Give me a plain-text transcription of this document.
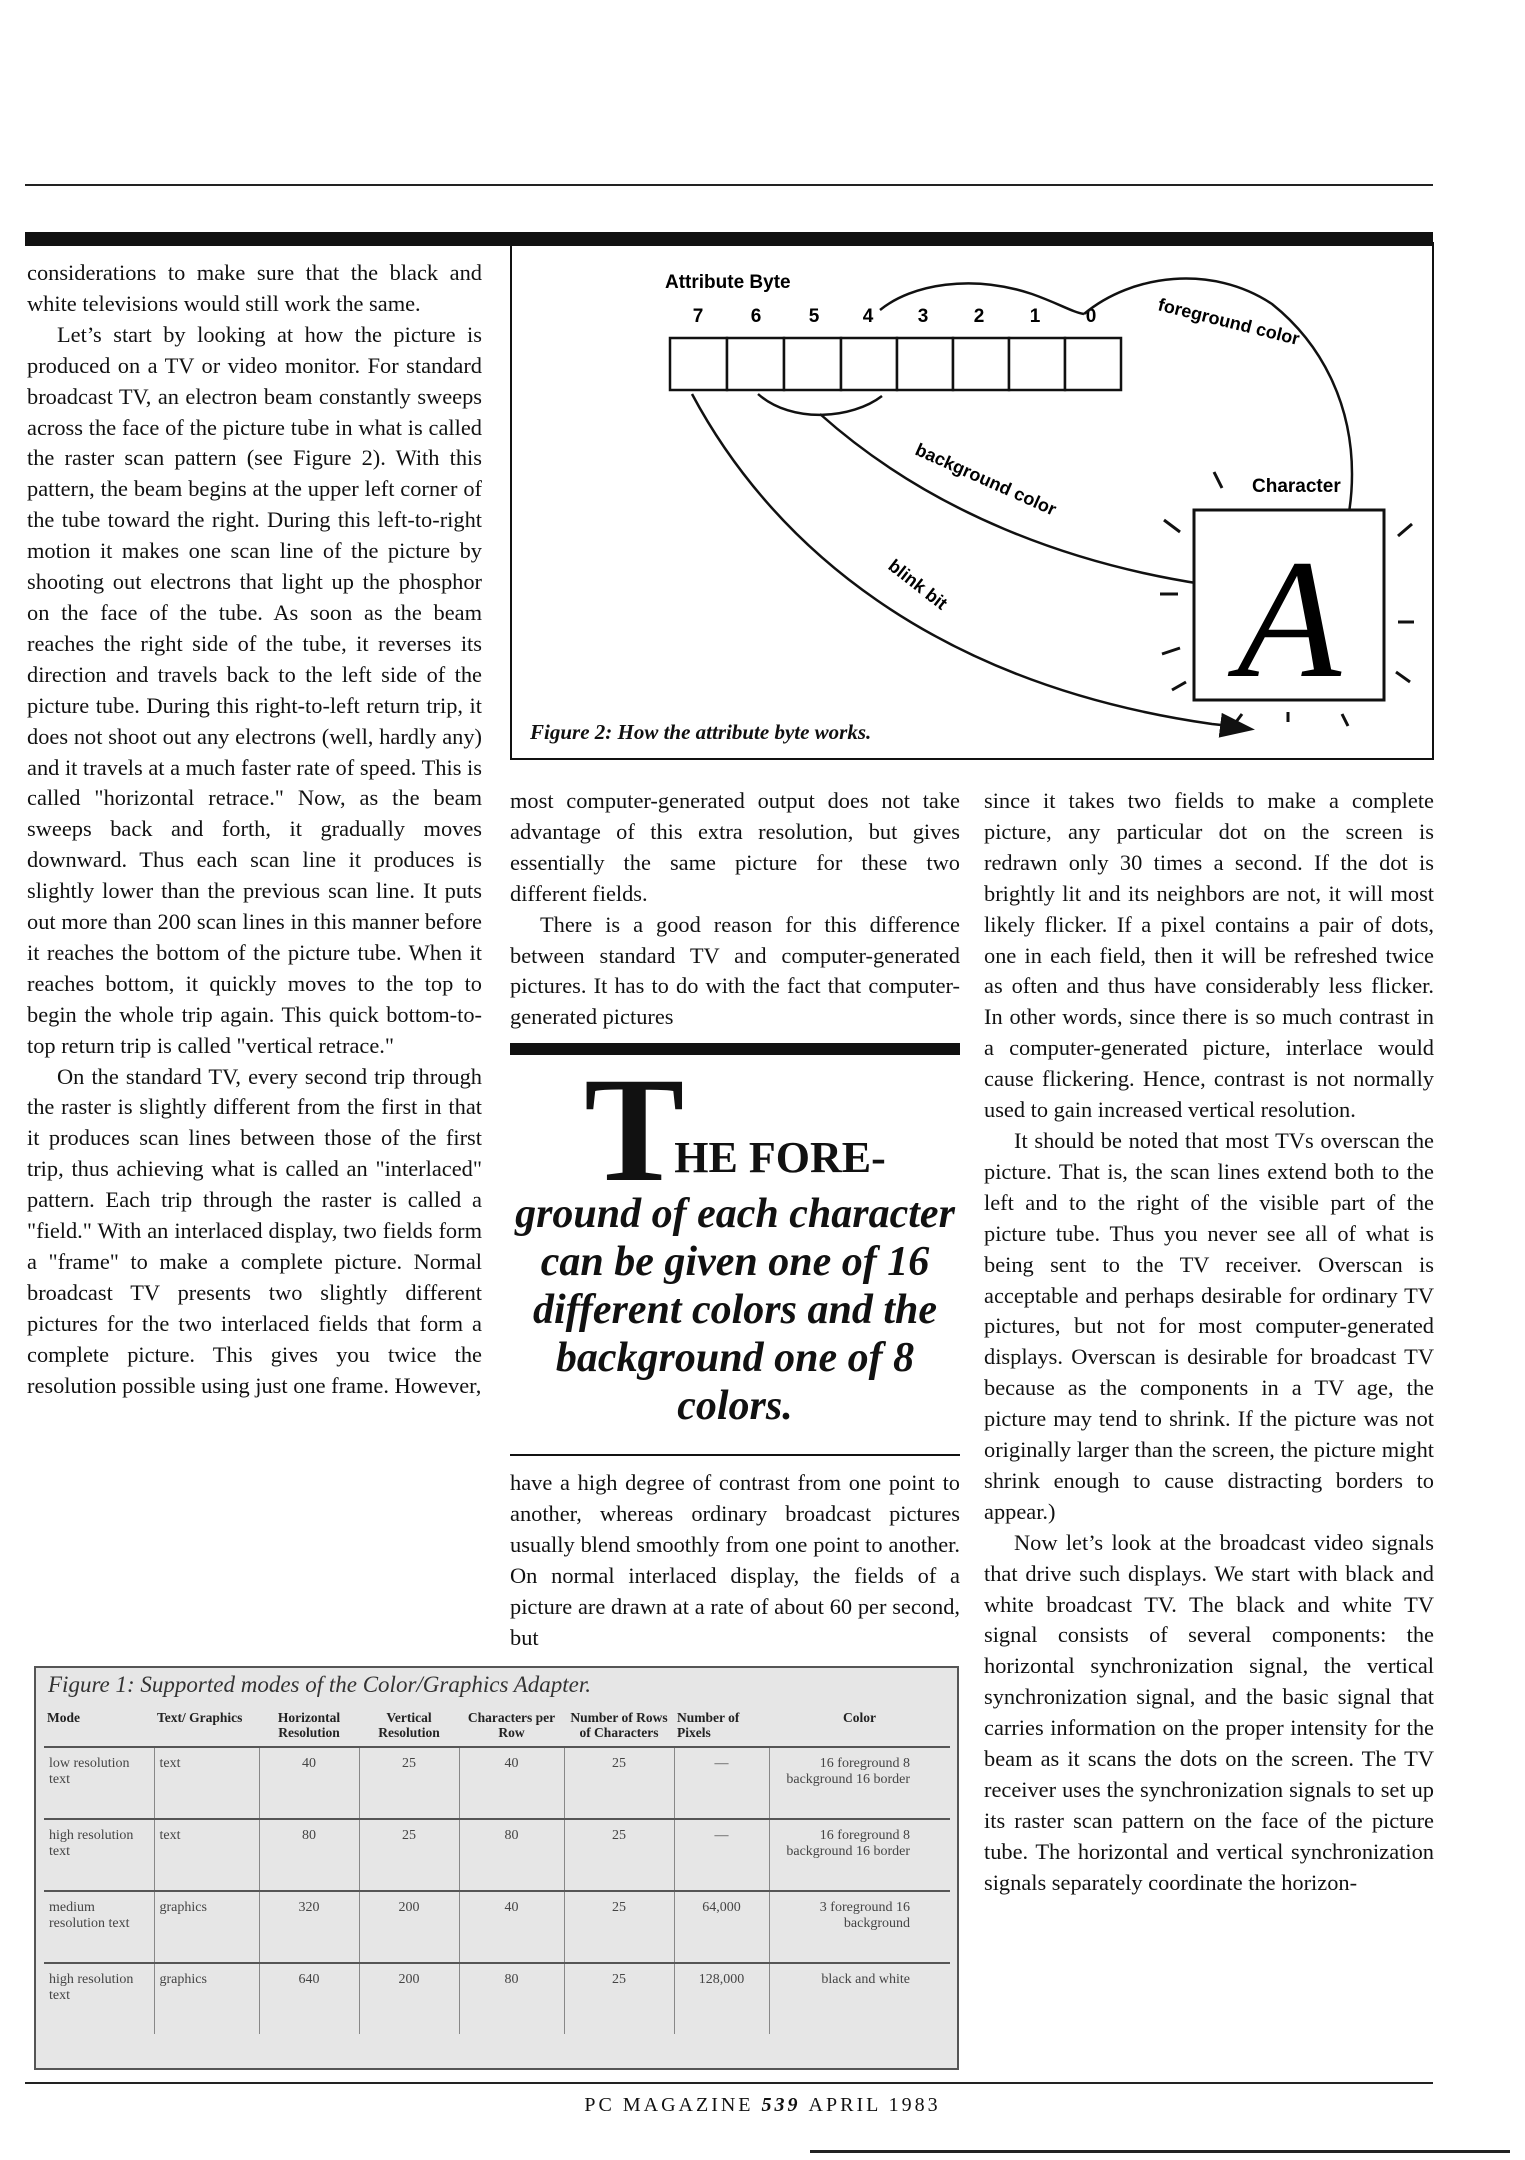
considerations to make sure that the black and white televisions would still work the same.

Let’s start by looking at how the picture is produced on a TV or video monitor. For standard broadcast TV, an electron beam constantly sweeps across the face of the picture tube in what is called the raster scan pattern (see Figure 2). With this pattern, the beam begins at the upper left corner of the tube toward the right. During this left-to-right motion it makes one scan line of the picture by shooting out electrons that light up the phosphor on the face of the tube. As soon as the beam reaches the right side of the tube, it reverses its direction and travels back to the left side of the picture tube. During this right-to-left return trip, it does not shoot out any electrons (well, hardly any) and it travels at a much faster rate of speed. This is called "horizontal retrace." Now, as the beam sweeps back and forth, it gradually moves downward. Thus each scan line it produces is slightly lower than the previous scan line. It puts out more than 200 scan lines in this manner before it reaches the bottom of the picture tube. When it reaches bottom, it quickly moves to the top to begin the whole trip again. This quick bottom-to-top return trip is called "vertical retrace."

On the standard TV, every second trip through the raster is slightly different from the first in that it produces scan lines between those of the first trip, thus achieving what is called an "interlaced" pattern. Each trip through the raster is called a "field." With an interlaced display, two fields form a "frame" to make a complete picture. Normal broadcast TV presents two slightly different pictures for the two interlaced fields that form a complete picture. This gives you twice the resolution possible using just one frame. However,

Attribute Byte
7 6 5 4 3 2 1 0	foreground color
background color
blink bit
Character
A
Figure 2: How the attribute byte works.

most computer-generated output does not take advantage of this extra resolution, but gives essentially the same picture for these two different fields.

There is a good reason for this difference between standard TV and computer-generated pictures. It has to do with the fact that computer-generated pictures

THE FORE-
ground of each character can be given one of 16 different colors and the background one of 8 colors.

have a high degree of contrast from one point to another, whereas ordinary broadcast pictures usually blend smoothly from one point to another. On normal interlaced display, the fields of a picture are drawn at a rate of about 60 per second, but

since it takes two fields to make a complete picture, any particular dot on the screen is redrawn only 30 times a second. If the dot is brightly lit and its neighbors are not, it will most likely flicker. If a pixel contains a pair of dots, one in each field, then it will be refreshed twice as often and thus have considerably less flicker. In other words, since there is so much contrast in a computer-generated picture, interlace would cause flickering. Hence, contrast is not normally used to gain increased vertical resolution.

It should be noted that most TVs overscan the picture. That is, the scan lines extend both to the left and to the right of the visible part of the picture tube. Thus you never see all of what is being sent to the TV receiver. Overscan is acceptable and perhaps desirable for ordinary TV pictures, but not for most computer-generated displays. Overscan is desirable for broadcast TV because as the components in a TV age, the picture may tend to shrink. If the picture was not originally larger than the screen, the picture might shrink enough to cause distracting borders to appear.)

Now let’s look at the broadcast video signals that drive such displays. We start with black and white broadcast TV. The black and white TV signal consists of several components: the horizontal synchronization signal, the vertical synchronization signal, and the basic signal that carries information on the proper intensity for the beam as it scans the dots on the screen. The TV receiver uses the synchronization signals to set up its raster scan pattern on the face of the picture tube. The horizontal and vertical synchronization signals separately coordinate the horizon-

Figure 1: Supported modes of the Color/Graphics Adapter.
Mode	Text/ Graphics	Horizontal Resolution	Vertical Resolution	Characters per Row	Number of Rows of Characters	Number of Pixels	Color
low resolution text	text	40	25	40	25	—	16 foreground 8 background 16 border
high resolution text	text	80	25	80	25	—	16 foreground 8 background 16 border
medium resolution text	graphics	320	200	40	25	64,000	3 foreground 16 background
high resolution text	graphics	640	200	80	25	128,000	black and white
PC MAGAZINE 539 APRIL 1983
